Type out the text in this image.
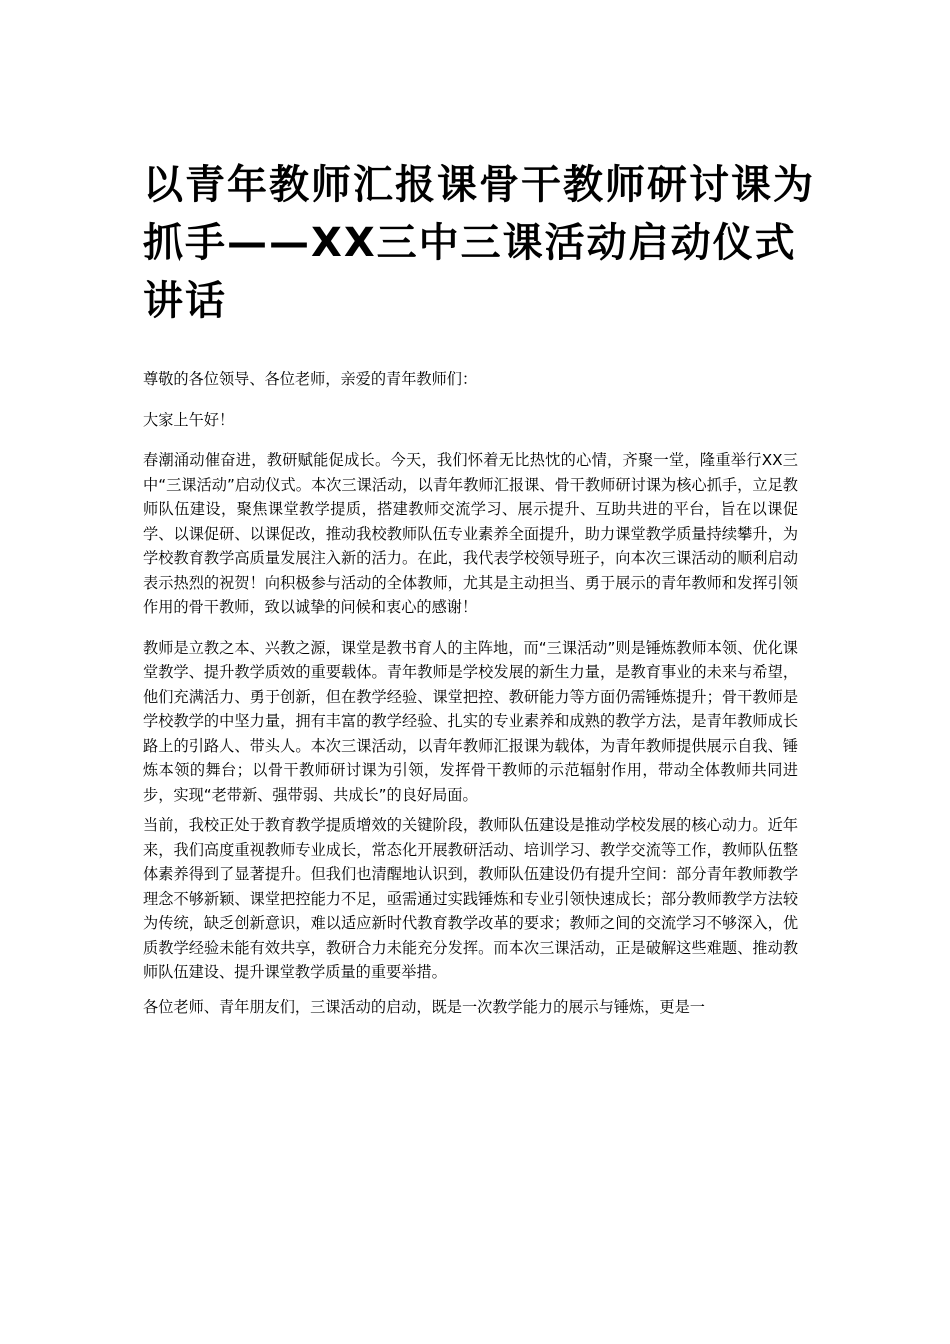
以青年教师汇报课骨干教师研讨课为抓手——XX三中三课活动启动仪式讲话

尊敬的各位领导、各位老师，亲爱的青年教师们：

大家上午好！

春潮涌动催奋进，教研赋能促成长。今天，我们怀着无比热忱的心情，齐聚一堂，隆重举行XX三中“三课活动”启动仪式。本次三课活动，以青年教师汇报课、骨干教师研讨课为核心抓手，立足教师队伍建设，聚焦课堂教学提质，搭建教师交流学习、展示提升、互助共进的平台，旨在以课促学、以课促研、以课促改，推动我校教师队伍专业素养全面提升，助力课堂教学质量持续攀升，为学校教育教学高质量发展注入新的活力。在此，我代表学校领导班子，向本次三课活动的顺利启动表示热烈的祝贺！向积极参与活动的全体教师，尤其是主动担当、勇于展示的青年教师和发挥引领作用的骨干教师，致以诚挚的问候和衷心的感谢！

教师是立教之本、兴教之源，课堂是教书育人的主阵地，而“三课活动”则是锤炼教师本领、优化课堂教学、提升教学质效的重要载体。青年教师是学校发展的新生力量，是教育事业的未来与希望，他们充满活力、勇于创新，但在教学经验、课堂把控、教研能力等方面仍需锤炼提升；骨干教师是学校教学的中坚力量，拥有丰富的教学经验、扎实的专业素养和成熟的教学方法，是青年教师成长路上的引路人、带头人。本次三课活动，以青年教师汇报课为载体，为青年教师提供展示自我、锤炼本领的舞台；以骨干教师研讨课为引领，发挥骨干教师的示范辐射作用，带动全体教师共同进步，实现“老带新、强带弱、共成长”的良好局面。

当前，我校正处于教育教学提质增效的关键阶段，教师队伍建设是推动学校发展的核心动力。近年来，我们高度重视教师专业成长，常态化开展教研活动、培训学习、教学交流等工作，教师队伍整体素养得到了显著提升。但我们也清醒地认识到，教师队伍建设仍有提升空间：部分青年教师教学理念不够新颖、课堂把控能力不足，亟需通过实践锤炼和专业引领快速成长；部分教师教学方法较为传统，缺乏创新意识，难以适应新时代教育教学改革的要求；教师之间的交流学习不够深入，优质教学经验未能有效共享，教研合力未能充分发挥。而本次三课活动，正是破解这些难题、推动教师队伍建设、提升课堂教学质量的重要举措。

各位老师、青年朋友们，三课活动的启动，既是一次教学能力的展示与锤炼，更是一
